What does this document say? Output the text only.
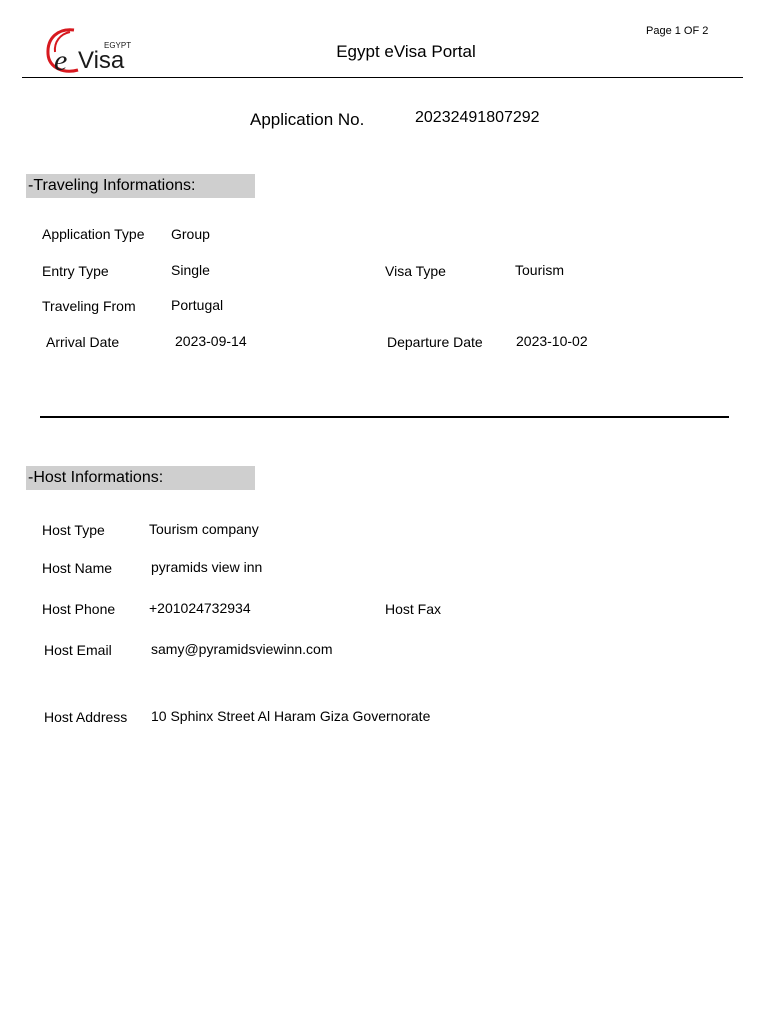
e	EGYPT
Visa	Egypt eVisa Portal
Page 1 OF 2
Application No.	20232491807292
-Traveling Informations:
Application Type Group
Entry Type	Single	Visa Type	Tourism
Traveling From	Portugal
Arrival Date	2023-09-14	Departure Date 2023-10-02
-Host Informations:
Host Type	Tourism company
Host Name	pyramids view inn
Host Phone +201024732934	Host Fax
Host Email	samy@pyramidsviewinn.com
Host Address 10 Sphinx Street Al Haram Giza Governorate
